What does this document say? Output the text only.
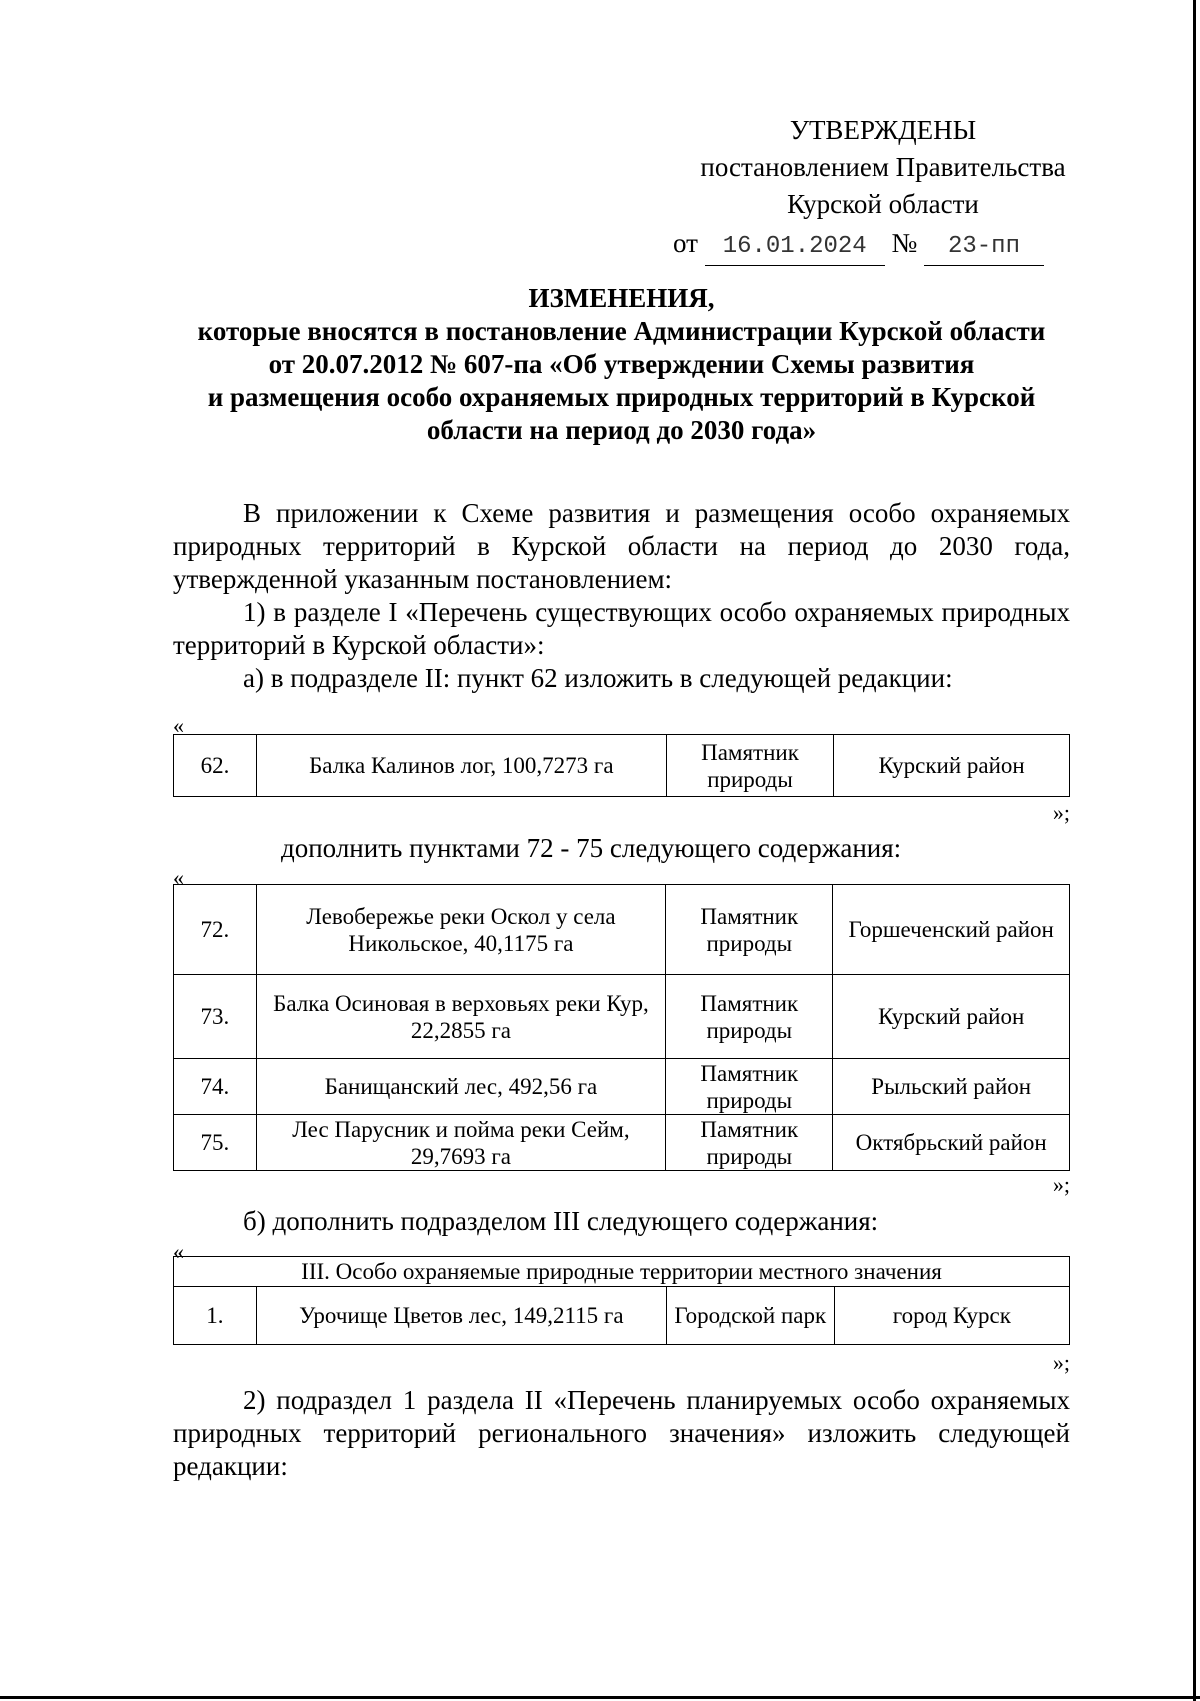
УТВЕРЖДЕНЫ
постановлением Правительства
Курской области
от 16.01.2024 № 23-пп
ИЗМЕНЕНИЯ,
которые вносятся в постановление Администрации Курской области
от 20.07.2012 № 607-па «Об утверждении Схемы развития
и размещения особо охраняемых природных территорий в Курской
области на период до 2030 года»

В приложении к Схеме развития и размещения особо охраняемых природных территорий в Курской области на период до 2030 года, утвержденной указанным постановлением:

1) в разделе I «Перечень существующих особо охраняемых природных территорий в Курской области»:

а) в подразделе II: пункт 62 изложить в следующей редакции:

«
62.	Балка Калинов лог, 100,7273 га	Памятник природы	Курский район
»;

дополнить пунктами 72 - 75 следующего содержания:

«
72.	Левобережье реки Оскол у села Никольское, 40,1175 га	Памятник природы	Горшеченский район
73.	Балка Осиновая в верховьях реки Кур, 22,2855 га	Памятник природы	Курский район
74.	Банищанский лес, 492,56 га	Памятник природы	Рыльский район
75.	Лес Парусник и пойма реки Сейм, 29,7693 га	Памятник природы	Октябрьский район
»;

б) дополнить подразделом III следующего содержания:

«
III. Особо охраняемые природные территории местного значения
1.	Урочище Цветов лес, 149,2115 га	Городской парк	город Курск
»;

2) подраздел 1 раздела II «Перечень планируемых особо охраняемых природных территорий регионального значения» изложить следующей редакции:
